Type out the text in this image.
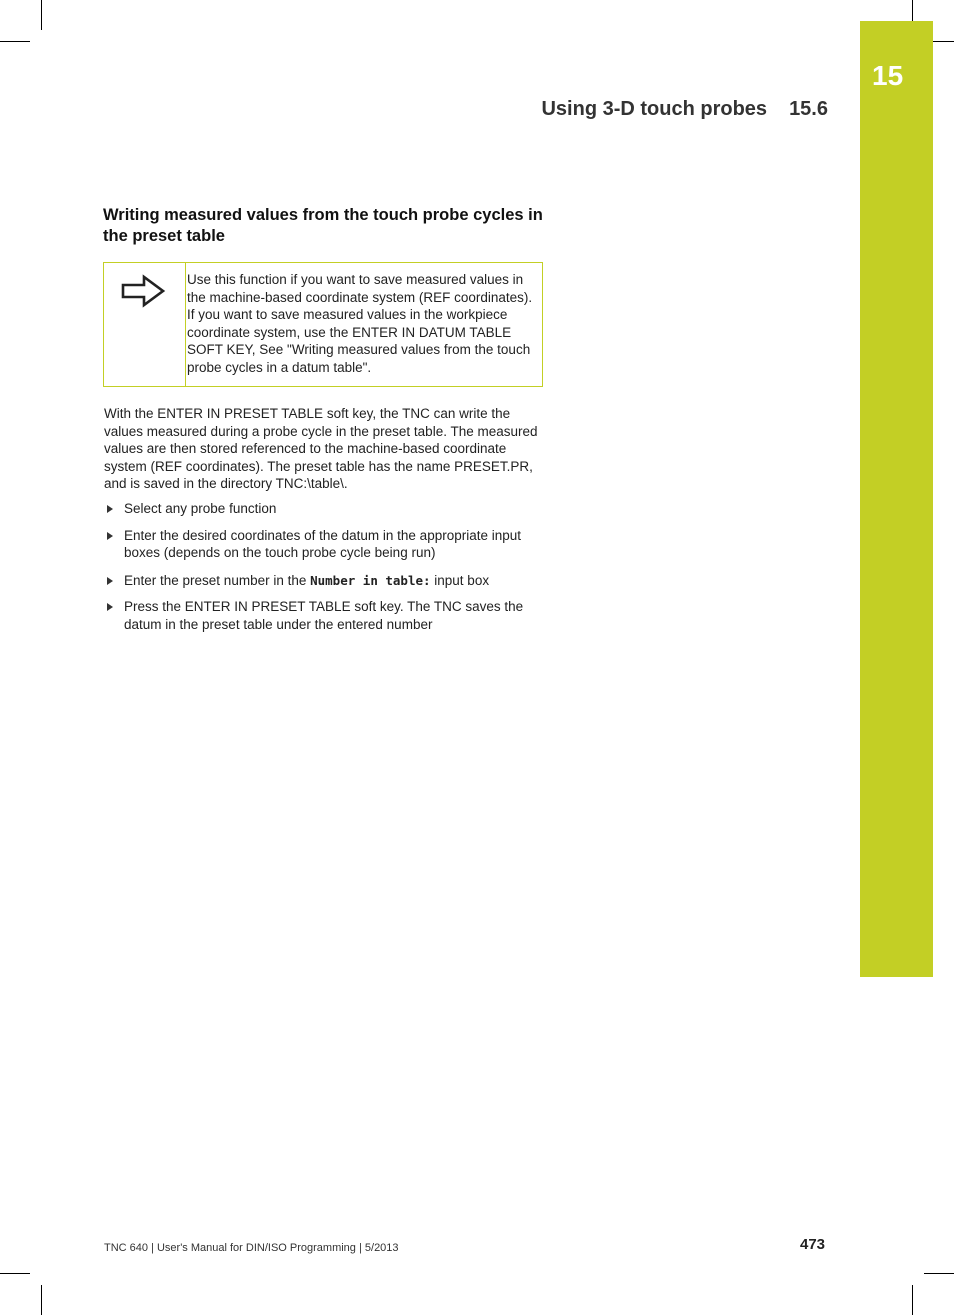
15
Using 3-D touch probes 15.6
Writing measured values from the touch probe cycles in the preset table
Use this function if you want to save measured values in the machine-based coordinate system (REF coordinates). If you want to save measured values in the workpiece coordinate system, use the ENTER IN DATUM TABLE SOFT KEY, See "Writing measured values from the touch probe cycles in a datum table".
With the ENTER IN PRESET TABLE soft key, the TNC can write the values measured during a probe cycle in the preset table. The measured values are then stored referenced to the machine-based coordinate system (REF coordinates). The preset table has the name PRESET.PR, and is saved in the directory TNC:\table\.
Select any probe function
Enter the desired coordinates of the datum in the appropriate input boxes (depends on the touch probe cycle being run)
Enter the preset number in the Number in table: input box
Press the ENTER IN PRESET TABLE soft key. The TNC saves the datum in the preset table under the entered number
TNC 640 | User's Manual for DIN/ISO Programming | 5/2013	473
